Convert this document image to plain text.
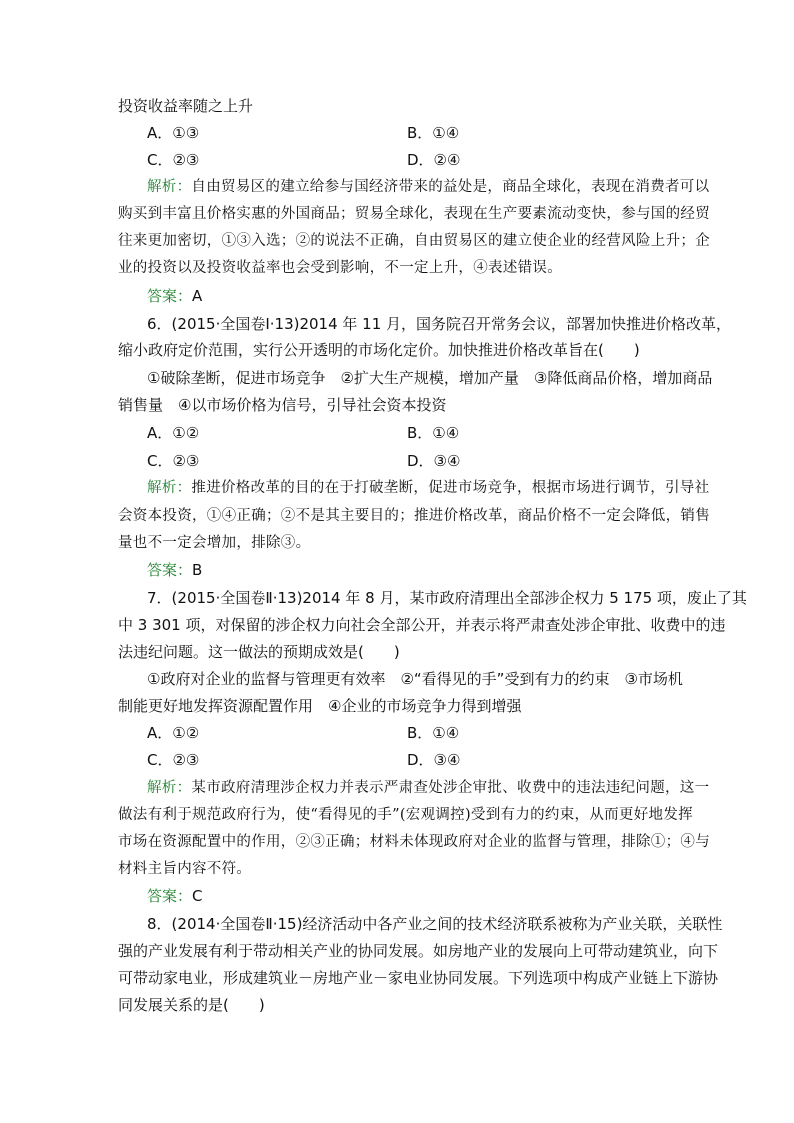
投资收益率随之上升
A．①③	B．①④
C．②③	D．②④
解析：自由贸易区的建立给参与国经济带来的益处是，商品全球化，表现在消费者可以
购买到丰富且价格实惠的外国商品；贸易全球化，表现在生产要素流动变快，参与国的经贸
往来更加密切，①③入选；②的说法不正确，自由贸易区的建立使企业的经营风险上升；企
业的投资以及投资收益率也会受到影响，不一定上升，④表述错误。
答案：A
6．(2015·全国卷Ⅰ·13)2014 年 11 月，国务院召开常务会议，部署加快推进价格改革，
缩小政府定价范围，实行公开透明的市场化定价。加快推进价格改革旨在(　　)
①破除垄断，促进市场竞争　②扩大生产规模，增加产量　③降低商品价格，增加商品
销售量　④以市场价格为信号，引导社会资本投资
A．①②	B．①④
C．②③	D．③④
解析：推进价格改革的目的在于打破垄断，促进市场竞争，根据市场进行调节，引导社
会资本投资，①④正确；②不是其主要目的；推进价格改革，商品价格不一定会降低，销售
量也不一定会增加，排除③。
答案：B
7．(2015·全国卷Ⅱ·13)2014 年 8 月，某市政府清理出全部涉企权力 5 175 项，废止了其
中 3 301 项，对保留的涉企权力向社会全部公开，并表示将严肃查处涉企审批、收费中的违
法违纪问题。这一做法的预期成效是(　　)
①政府对企业的监督与管理更有效率　②“看得见的手”受到有力的约束　③市场机
制能更好地发挥资源配置作用　④企业的市场竞争力得到增强
A．①②	B．①④
C．②③	D．③④
解析：某市政府清理涉企权力并表示严肃查处涉企审批、收费中的违法违纪问题，这一
做法有利于规范政府行为，使“看得见的手”(宏观调控)受到有力的约束，从而更好地发挥
市场在资源配置中的作用，②③正确；材料未体现政府对企业的监督与管理，排除①；④与
材料主旨内容不符。
答案：C
8．(2014·全国卷Ⅱ·15)经济活动中各产业之间的技术经济联系被称为产业关联，关联性
强的产业发展有利于带动相关产业的协同发展。如房地产业的发展向上可带动建筑业，向下
可带动家电业，形成建筑业－房地产业－家电业协同发展。下列选项中构成产业链上下游协
同发展关系的是(　　)
